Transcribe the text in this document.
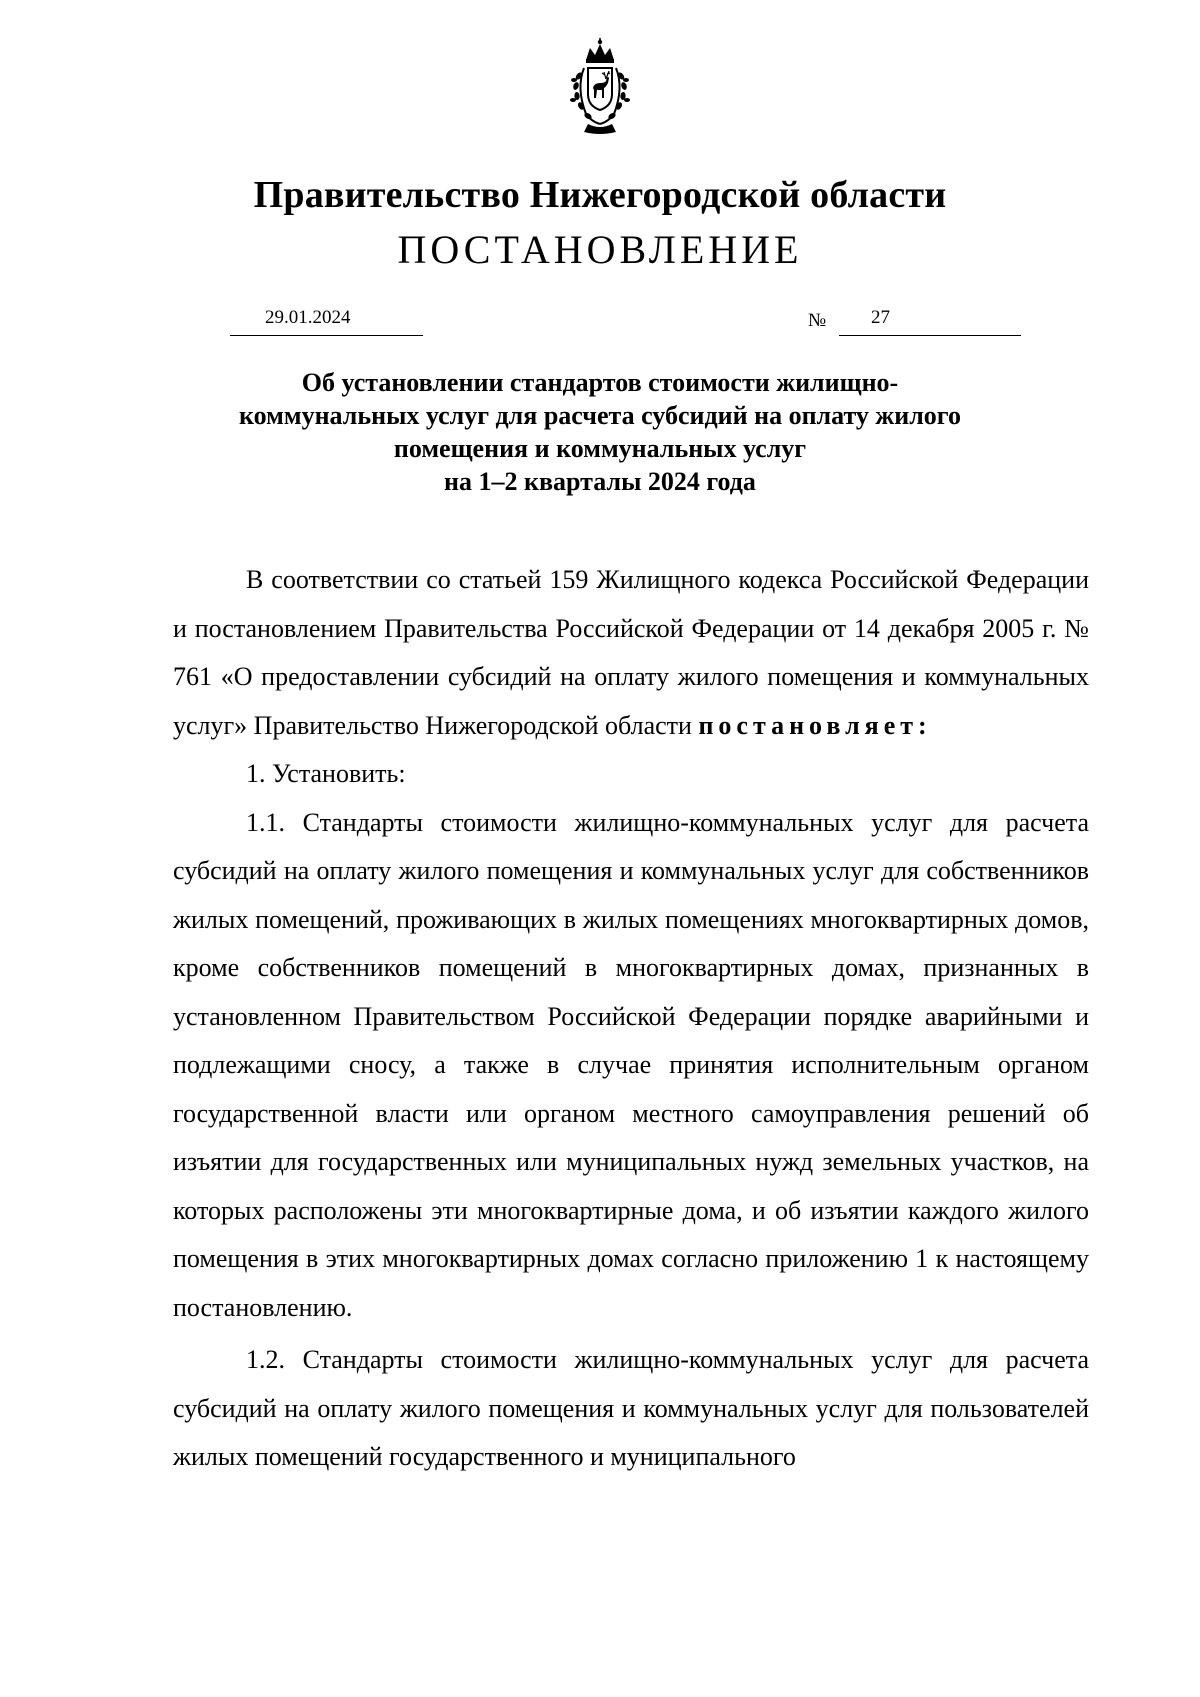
Правительство Нижегородской области
ПОСТАНОВЛЕНИЕ
29.01.2024	№ 27
Об установлении стандартов стоимости жилищно-
коммунальных услуг для расчета субсидий на оплату жилого
помещения и коммунальных услуг
на 1–2 кварталы 2024 года

В соответствии со статьей 159 Жилищного кодекса Российской Федерации и постановлением Правительства Российской Федерации от 14 декабря 2005 г. № 761 «О предоставлении субсидий на оплату жилого помещения и коммунальных услуг» Правительство Нижегородской области постановляет:

1. Установить:

1.1. Стандарты стоимости жилищно-коммунальных услуг для расчета субсидий на оплату жилого помещения и коммунальных услуг для собственников жилых помещений, проживающих в жилых помещениях многоквартирных домов, кроме собственников помещений в многоквартирных домах, признанных в установленном Правительством Российской Федерации порядке аварийными и подлежащими сносу, а также в случае принятия исполнительным органом государственной власти или органом местного самоуправления решений об изъятии для государственных или муниципальных нужд земельных участков, на которых расположены эти многоквартирные дома, и об изъятии каждого жилого помещения в этих многоквартирных домах согласно приложению 1 к настоящему постановлению.

1.2. Стандарты стоимости жилищно-коммунальных услуг для расчета субсидий на оплату жилого помещения и коммунальных услуг для пользователей жилых помещений государственного и муниципального
